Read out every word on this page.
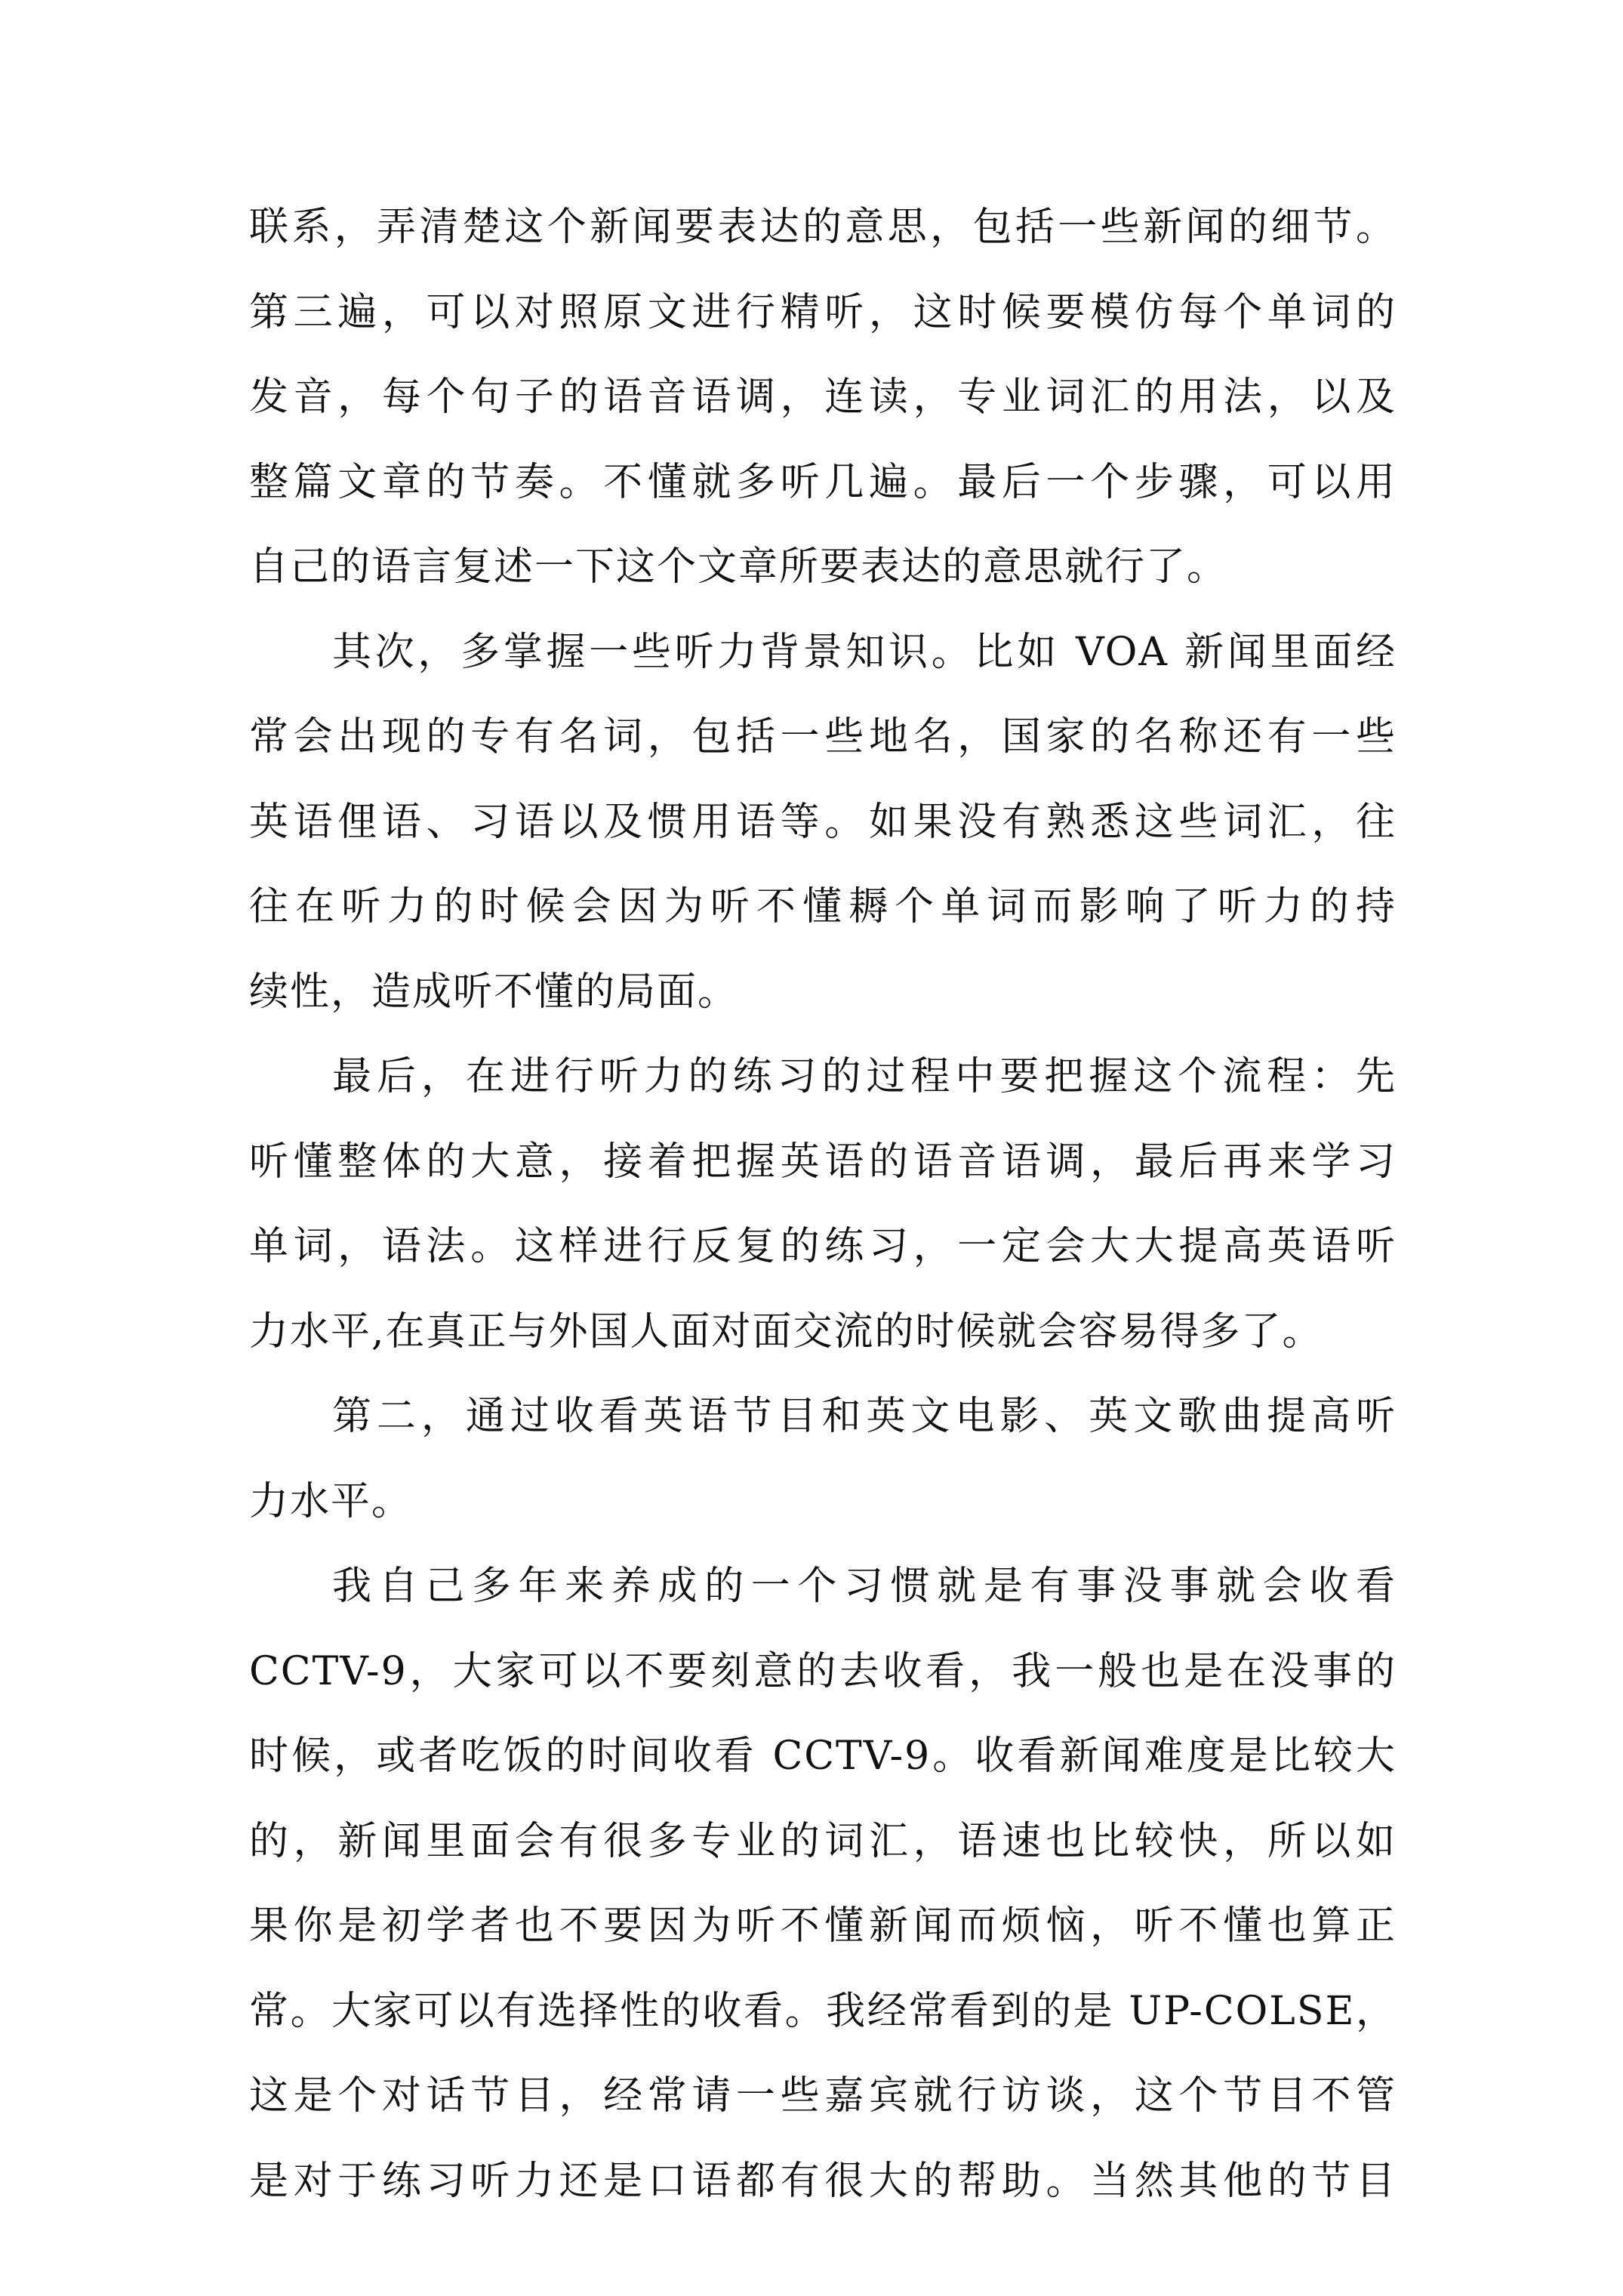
联系，弄清楚这个新闻要表达的意思，包括一些新闻的细节。
第三遍，可以对照原文进行精听，这时候要模仿每个单词的
发音，每个句子的语音语调，连读，专业词汇的用法，以及
整篇文章的节奏。不懂就多听几遍。最后一个步骤，可以用
自己的语言复述一下这个文章所要表达的意思就行了。
其次，多掌握一些听力背景知识。比如 VOA 新闻里面经
常会出现的专有名词，包括一些地名，国家的名称还有一些
英语俚语、习语以及惯用语等。如果没有熟悉这些词汇，往
往在听力的时候会因为听不懂耨个单词而影响了听力的持
续性，造成听不懂的局面。
最后，在进行听力的练习的过程中要把握这个流程：先
听懂整体的大意，接着把握英语的语音语调，最后再来学习
单词，语法。这样进行反复的练习，一定会大大提高英语听
力水平,在真正与外国人面对面交流的时候就会容易得多了。
第二，通过收看英语节目和英文电影、英文歌曲提高听
力水平。
我自己多年来养成的一个习惯就是有事没事就会收看
CCTV-9，大家可以不要刻意的去收看，我一般也是在没事的
时候，或者吃饭的时间收看 CCTV-9。收看新闻难度是比较大
的，新闻里面会有很多专业的词汇，语速也比较快，所以如
果你是初学者也不要因为听不懂新闻而烦恼，听不懂也算正
常。大家可以有选择性的收看。我经常看到的是 UP-COLSE，
这是个对话节目，经常请一些嘉宾就行访谈，这个节目不管
是对于练习听力还是口语都有很大的帮助。当然其他的节目
